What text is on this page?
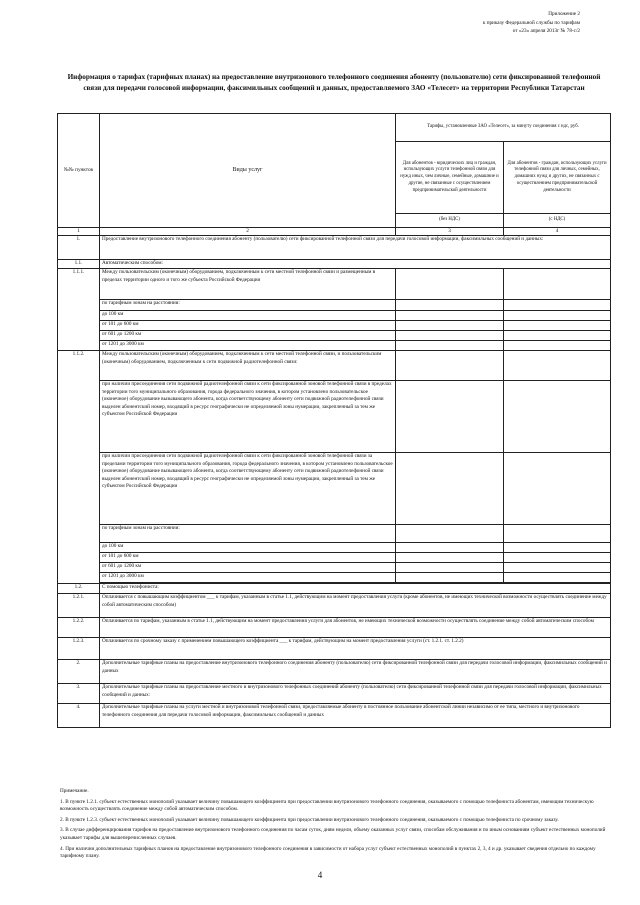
Приложение 2
к приказу Федеральной службы по тарифам
от «23» апреля 2013г № 78-с/2
Информация о тарифах (тарифных планах) на предоставление внутризонового телефонного соединения абоненту (пользователю) сети фиксированной телефонной связи для передачи голосовой информации, факсимильных сообщений и данных, предоставляемого ЗАО «Телесет» на территории Республики Татарстан
№№ пунктов	Виды услуг	Тарифы, установленные ЗАО «Телесет», за минуту соединения с ндс, руб.	
		Для абонентов - юридических лиц и граждан, использующих услуги телефонной связи для нужд иных, чем личные, семейные, домашние и другие, не связанные с осуществлением предпринимательской деятельности	Для абонентов - граждан, использующих услуги телефонной связи для личных, семейных, домашних нужд и других, не связанных с осуществлением предпринимательской деятельности
		(без НДС)	(с НДС)
1	2	3	4
1.	Предоставление внутризонового телефонного соединения абоненту (пользователю) сети фиксированной телефонной связи для передачи голосовой информации, факсимильных сообщений и данных:		
1.1.	Автоматическим способом:		
1.1.1.	Между пользовательским (оконечным) оборудованием, подключенным к сети местной телефонной связи и размещенным в пределах территории одного и того же субъекта Российской Федерации		
	по тарифным зонам на расстоянии:		
	до 100 км		
	от 101 до 600 км		
	от 601 до 1200 км		
	от 1201 до 3000 км		
1.1.2.	Между пользовательским (оконечным) оборудованием, подключенным к сети местной телефонной связи, и пользовательским (оконечным) оборудованием, подключенным к сети подвижной радиотелефонной связи:		
	при наличии присоединения сети подвижной радиотелефонной связи к сети фиксированной зоновой телефонной связи в пределах территории того муниципального образования, города федерального значения, в котором установлено пользовательское (оконечное) оборудование вызывающего абонента, когда соответствующему абоненту сети подвижной радиотелефонной связи выделен абонентский номер, входящий в ресурс географически не определяемой зоны нумерации, закрепленный за тем же субъектом Российской Федерации		
	при наличии присоединения сети подвижной радиотелефонной связи к сети фиксированной зоновой телефонной связи за пределами территории того муниципального образования, города федерального значения, в котором установлено пользовательское (оконечное) оборудование вызывающего абонента, когда соответствующему абоненту сети подвижной радиотелефонной связи выделен абонентский номер, входящий в ресурс географически не определяемой зоны нумерации, закрепленный за тем же субъектом Российской Федерации		
	по тарифным зонам на расстоянии:		
	до 100 км		
	от 101 до 600 км		
	от 601 до 1200 км		
	от 1201 до 3000 км		

1.2.	С помощью телефониста:		
1.2.1.	Оплачивается с повышающим коэффициентом ___ к тарифам, указанным в статье 1.1, действующим на момент предоставления услуги (кроме абонентов, не имеющих технической возможности осуществлять соединение между собой автоматическим способом)		
1.2.2.	Оплачивается по тарифам, указанным в статье 1.1, действующим на момент предоставления услуги для абонентов, не имеющих технической возможности осуществлять соединение между собой автоматическим способом		
1.2.3.	Оплачивается по срочному заказу с применением повышающего коэффициента ___ к тарифам, действующим на момент предоставления услуги (ст. 1.2.1. ст. 1.2.2)		
2.	Дополнительные тарифные планы на предоставление внутризонового телефонного соединения абоненту (пользователю) сети фиксированной телефонной связи для передачи голосовой информации, факсимильных сообщений и данных		
3.	Дополнительные тарифные планы на предоставление местного и внутризонового телефонных соединений абоненту (пользователю) сети фиксированной телефонной связи для передачи голосовой информации, факсимильных сообщений и данных:		
4.	Дополнительные тарифные планы на услуги местной и внутризоновой телефонной связи, предоставляемые абоненту в постоянное пользование абонентской линии независимо от ее типа, местного и внутризонового телефонного соединения для передачи голосовой информации, факсимильных сообщений и данных		

Примечание.

1. В пункте 1.2.1. субъект естественных монополий указывает величину повышающего коэффициента при предоставлении внутризонового телефонного соединения, оказываемого с помощью телефониста абонентам, имеющим техническую возможность осуществлять соединение между собой автоматическим способом.

2. В пункте 1.2.3. субъект естественных монополий указывает величину повышающего коэффициента при предоставлении внутризонового телефонного соединения, оказываемого с помощью телефониста по срочному заказу.

3. В случае дифференцирования тарифов на предоставление внутризонового телефонного соединения по часам суток, дням недели, объему оказанных услуг связи, способам обслуживания и по иным основаниям субъект естественных монополий указывает тарифы для вышеперечисленных случаев.

4. При наличии дополнительных тарифных планов на предоставление внутризонового телефонного соединения в зависимости от набора услуг субъект естественных монополий в пунктах 2, 3, 4 и др. указывает сведения отдельно по каждому тарифному плану.

4
